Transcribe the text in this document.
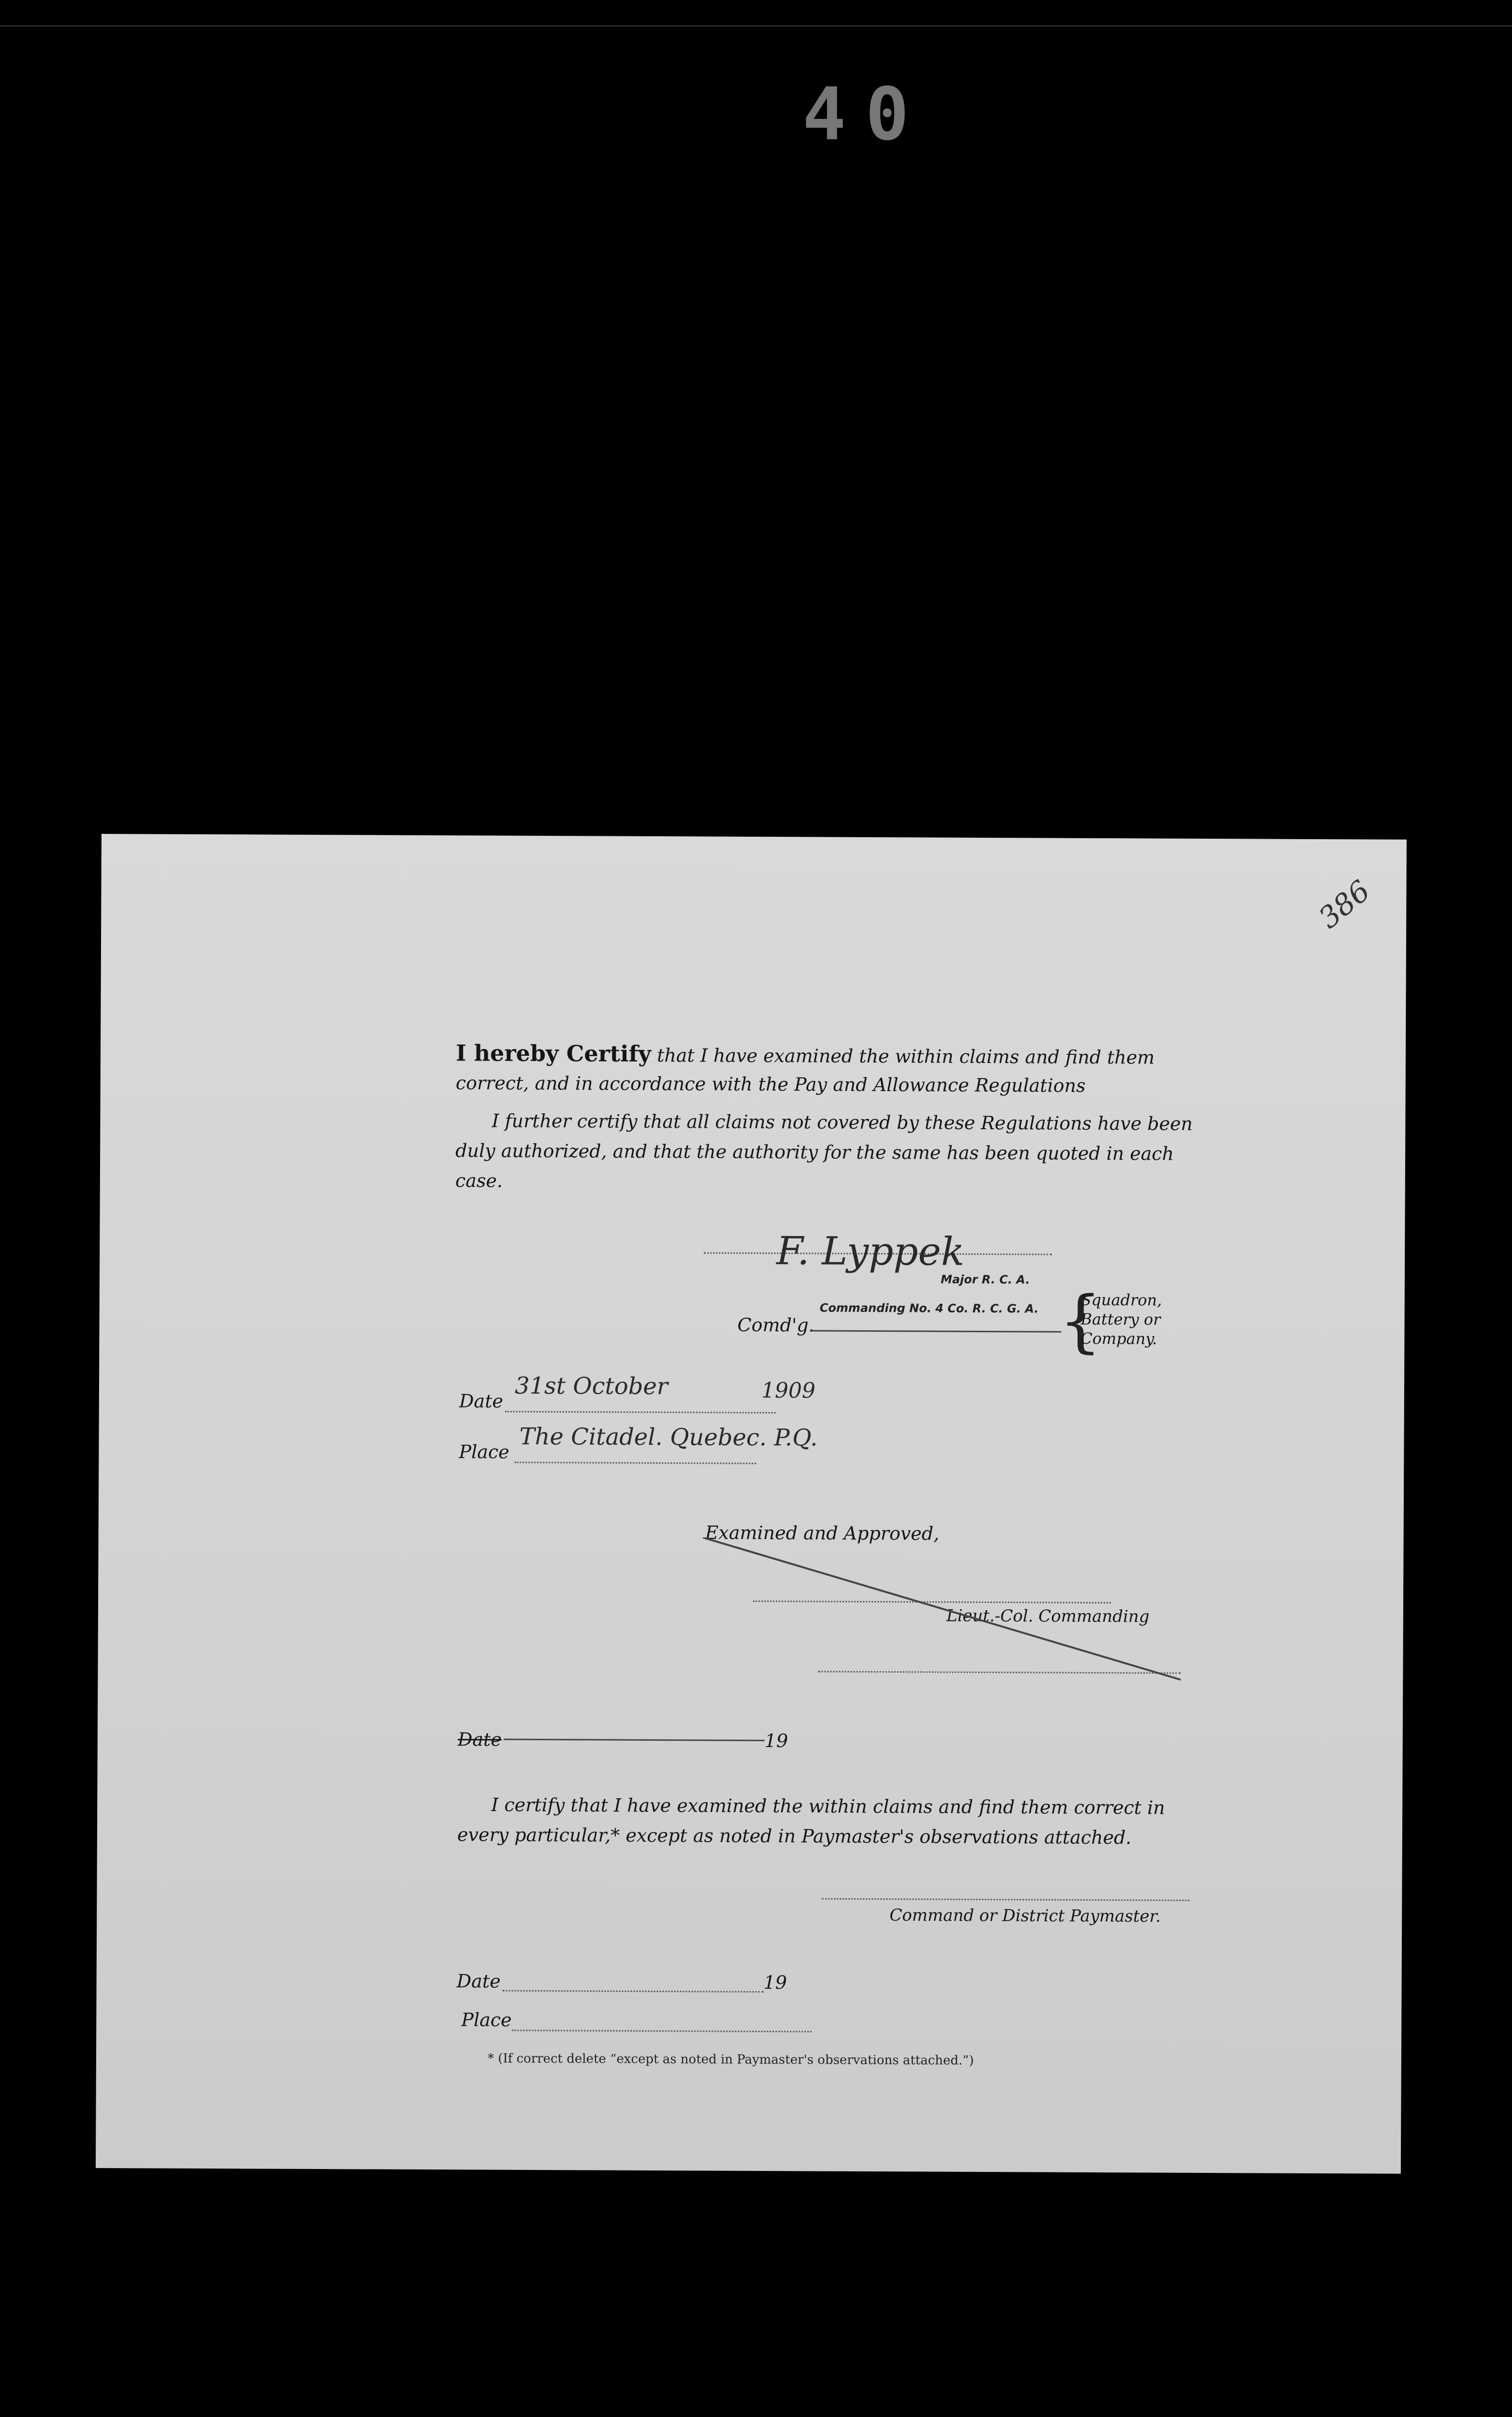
40
386
I hereby Certify that I have examined the within claims and find them
correct, and in accordance with the Pay and Allowance Regulations
I further certify that all claims not covered by these Regulations have been
duly authorized, and that the authority for the same has been quoted in each
case.
F. Lyppek
Major R. C. A.
Commanding No. 4 Co. R. C. G. A.
Comd'g.	{
Squadron,
Battery or
Company.
Date
31st October	1909
Place
The Citadel. Quebec. P.Q.
Examined and Approved,
Lieut.-Col. Commanding
Date	19
I certify that I have examined the within claims and find them correct in
every particular,* except as noted in Paymaster's observations attached.
Command or District Paymaster.
Date	19
Place
* (If correct delete “except as noted in Paymaster's observations attached.”)
